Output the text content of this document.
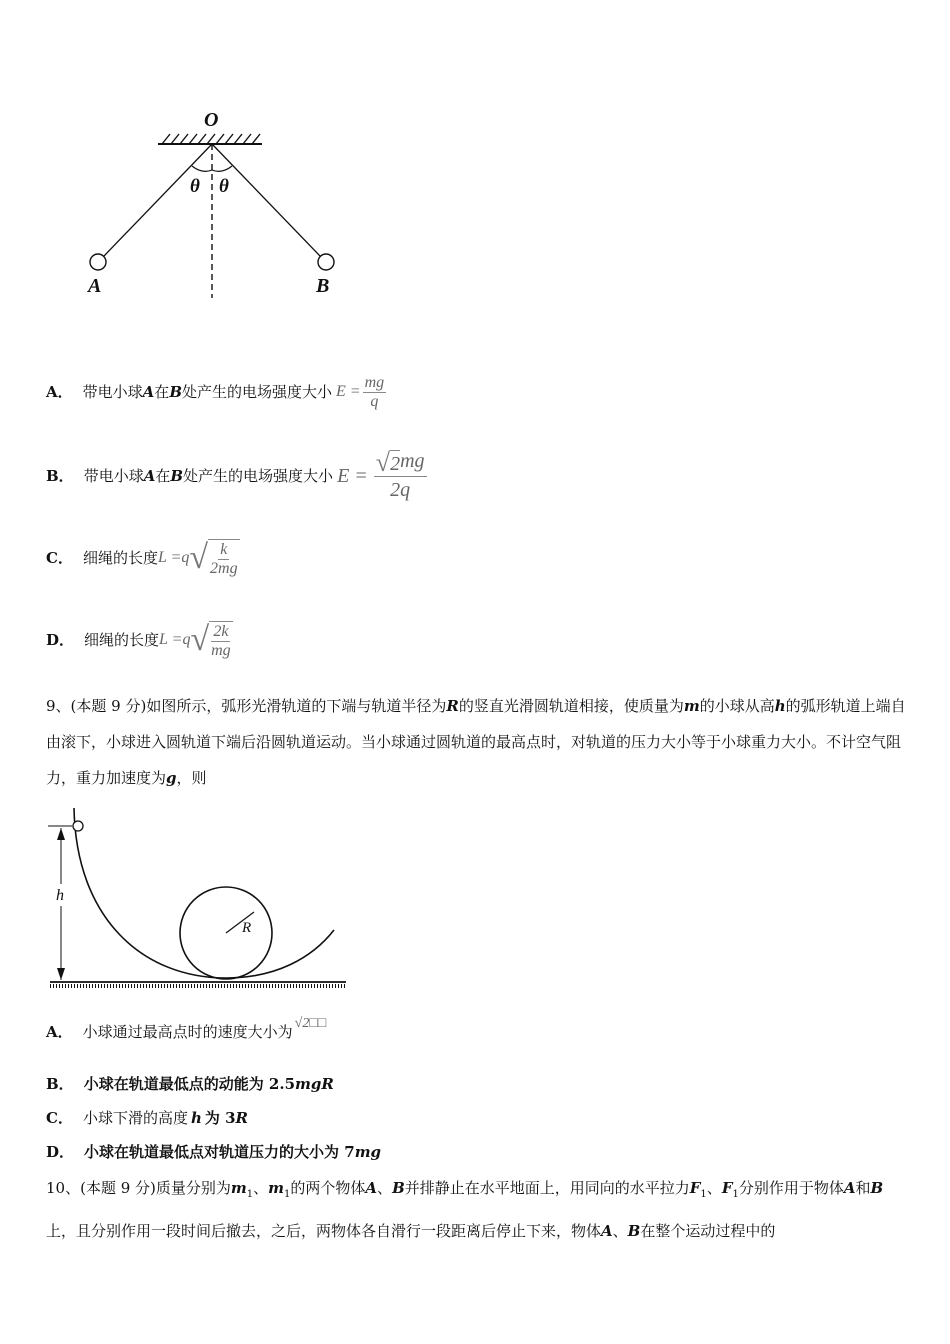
O
θ θ
A	B
A． 带电小球 A 在 B 处产生的电场强度大小 $E = \frac{mg}{q}$
B． 带电小球 A 在 B 处产生的电场强度大小 $E = \frac{√ 2 mg}{2q}$
C． 细绳的长度 L =q √ $\frac{k}{2mg}$
D． 细绳的长度 L =q √ $\frac{2k}{mg}$
9、(本题 9 分)如图所示，弧形光滑轨道的下端与轨道半径为R的竖直光滑圆轨道相接，使质量为m的小球从高h的弧形轨道上端自由滚下，小球进入圆轨道下端后沿圆轨道运动。当小球通过圆轨道的最高点时，对轨道的压力大小等于小球重力大小。不计空气阻力，重力加速度为g，则
h
R
A． 小球通过最高点时的速度大小为 √2□□
B． 小球在轨道最低点的动能为 2.5mgR
C． 小球下滑的高度 h 为 3R
D． 小球在轨道最低点对轨道压力的大小为 7mg
10、(本题 9 分)质量分别为$m_1$、$m_1$的两个物体A、B并排静止在水平地面上，用同向的水平拉力$F_1$、$F_1$分别作用于物体A和B上，且分别作用一段时间后撤去，之后，两物体各自滑行一段距离后停止下来，物体A、B在整个运动过程中的
